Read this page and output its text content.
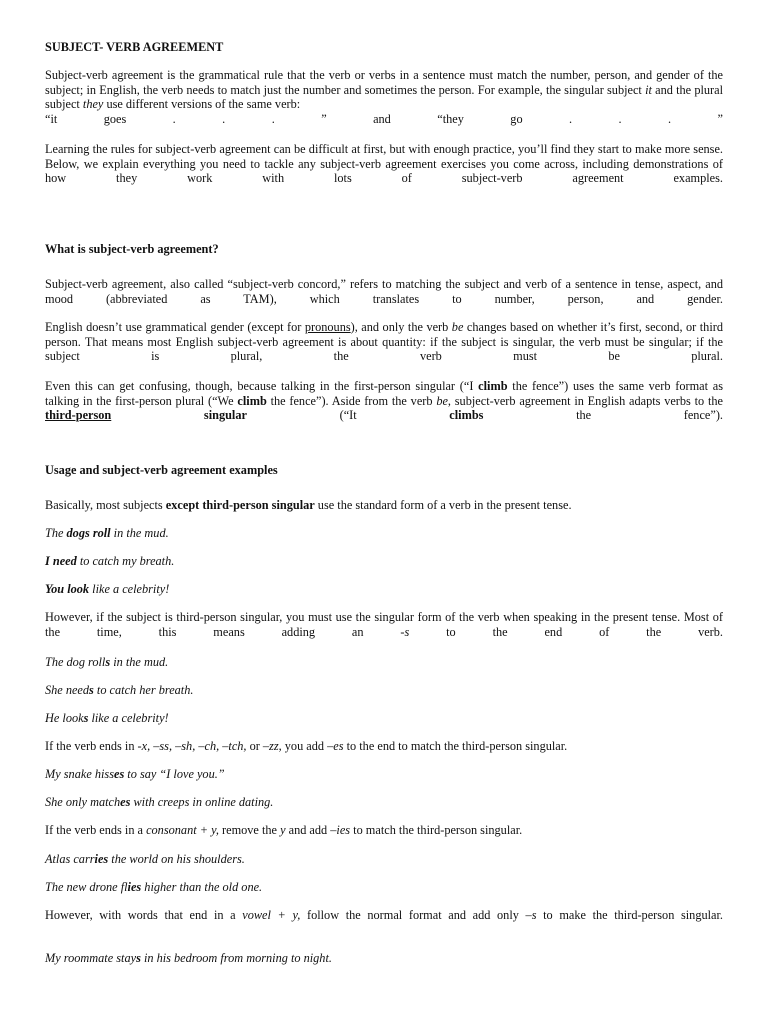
SUBJECT- VERB AGREEMENT

Subject-verb agreement is the grammatical rule that the verb or verbs in a sentence must match the number, person, and gender of the subject; in English, the verb needs to match just the number and sometimes the person. For example, the singular subject it and the plural subject they use different versions of the same verb:
“it goes . . . ” and “they go . . . ”

Learning the rules for subject-verb agreement can be difficult at first, but with enough practice, you’ll find they start to make more sense. Below, we explain everything you need to tackle any subject-verb agreement exercises you come across, including demonstrations of how they work with lots of subject-verb agreement examples.

What is subject-verb agreement?

Subject-verb agreement, also called “subject-verb concord,” refers to matching the subject and verb of a sentence in tense, aspect, and mood (abbreviated as TAM), which translates to number, person, and gender.

English doesn’t use grammatical gender (except for pronouns), and only the verb be changes based on whether it’s first, second, or third person. That means most English subject-verb agreement is about quantity: if the subject is singular, the verb must be singular; if the subject is plural, the verb must be plural.

Even this can get confusing, though, because talking in the first-person singular (“I climb the fence”) uses the same verb format as talking in the first-person plural (“We climb the fence”). Aside from the verb be, subject-verb agreement in English adapts verbs to the third-person singular (“It climbs the fence”).

Usage and subject-verb agreement examples

Basically, most subjects except third-person singular use the standard form of a verb in the present tense.

The dogs roll in the mud.

I need to catch my breath.

You look like a celebrity!

However, if the subject is third-person singular, you must use the singular form of the verb when speaking in the present tense. Most of the time, this means adding an -s to the end of the verb.

The dog rolls in the mud.

She needs to catch her breath.

He looks like a celebrity!

If the verb ends in -x, –ss, –sh, –ch, –tch, or –zz, you add –es to the end to match the third-person singular.

My snake hisses to say “I love you.”

She only matches with creeps in online dating.

If the verb ends in a consonant + y, remove the y and add –ies to match the third-person singular.

Atlas carries the world on his shoulders.

The new drone flies higher than the old one.

However, with words that end in a vowel + y, follow the normal format and add only –s to make the third-person singular.

My roommate stays in his bedroom from morning to night.
